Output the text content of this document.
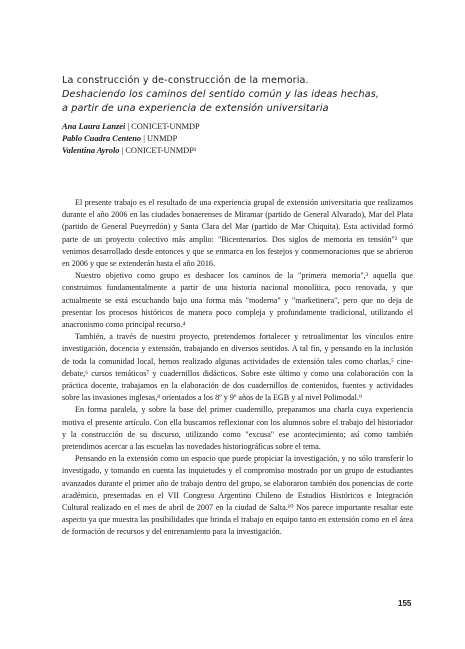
La construcción y de-construcción de la memoria.
Deshaciendo los caminos del sentido común y las ideas hechas,
a partir de una experiencia de extensión universitaria
Ana Laura Lanzei | CONICET-UNMDP
Pablo Cuadra Centeno | UNMDP
Valentina Ayrolo | CONICET-UNMDP¹

El presente trabajo es el resultado de una experiencia grupal de extensión universitaria que realizamos durante el año 2006 en las ciudades bonaerenses de Miramar (partido de General Alvarado), Mar del Plata (partido de General Pueyrredón) y Santa Clara del Mar (partido de Mar Chiquita). Esta actividad formó parte de un proyecto colectivo más amplio: "Bicentenarios. Dos siglos de memoria en tensión"² que venimos desarrollado desde entonces y que se enmarca en los festejos y conmemoraciones que se abrieron en 2006 y que se extenderán hasta el año 2016.

Nuestro objetivo como grupo es deshacer los caminos de la "primera memoria",³ aquella que construimos fundamentalmente a partir de una historia nacional monolítica, poco renovada, y que actualmente se está escuchando bajo una forma más "moderna" y "marketinera", pero que no deja de presentar los procesos históricos de manera poco compleja y profundamente tradicional, utilizando el anacronismo como principal recurso.⁴

También, a través de nuestro proyecto, pretendemos fortalecer y retroalimentar los vínculos entre investigación, docencia y extensión, trabajando en diversos sentidos. A tal fin, y pensando en la inclusión de toda la comunidad local, hemos realizado algunas actividades de extensión tales como charlas,⁵ cine-debate,⁶ cursos temáticos⁷ y cuadernillos didácticos. Sobre este último y como una colaboración con la práctica docente, trabajamos en la elaboración de dos cuadernillos de contenidos, fuentes y actividades sobre las invasiones inglesas,⁸ orientados a los 8º y 9º años de la EGB y al nivel Polimodal.⁹

En forma paralela, y sobre la base del primer cuadernillo, preparamos una charla cuya experiencia motiva el presente artículo. Con ella buscamos reflexionar con los alumnos sobre el trabajo del historiador y la construcción de su discurso, utilizando como "excusa" ese acontecimiento; así como también pretendimos acercar a las escuelas las novedades historiográficas sobre el tema.

Pensando en la extensión como un espacio que puede propiciar la investigación, y no sólo transferir lo investigado, y tomando en cuenta las inquietudes y el compromiso mostrado por un grupo de estudiantes avanzados durante el primer año de trabajo dentro del grupo, se elaboraron también dos ponencias de corte académico, presentadas en el VII Congreso Argentino Chileno de Estudios Históricos e Integración Cultural realizado en el mes de abril de 2007 en la ciudad de Salta.¹⁰ Nos parece importante resaltar este aspecto ya que muestra las posibilidades que brinda el trabajo en equipo tanto en extensión como en el área de formación de recursos y del entrenamiento para la investigación.

155
